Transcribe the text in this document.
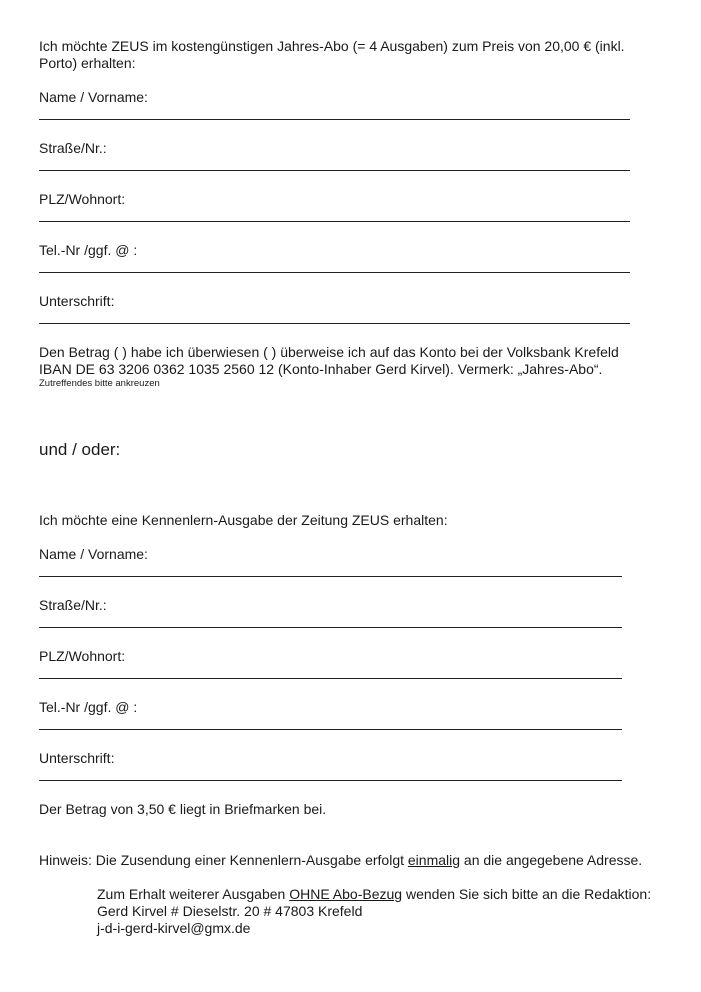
Ich möchte ZEUS im kostengünstigen Jahres-Abo (= 4 Ausgaben) zum Preis von 20,00 € (inkl.
Porto) erhalten:
Name / Vorname:
Straße/Nr.:
PLZ/Wohnort:
Tel.-Nr /ggf. @ :
Unterschrift:
Den Betrag ( ) habe ich überwiesen ( ) überweise ich auf das Konto bei der Volksbank Krefeld
IBAN DE 63 3206 0362 1035 2560 12 (Konto-Inhaber Gerd Kirvel). Vermerk: „Jahres-Abo“.
Zutreffendes bitte ankreuzen
und / oder:
Ich möchte eine Kennenlern-Ausgabe der Zeitung ZEUS erhalten:
Name / Vorname:
Straße/Nr.:
PLZ/Wohnort:
Tel.-Nr /ggf. @ :
Unterschrift:
Der Betrag von 3,50 € liegt in Briefmarken bei.
Hinweis: Die Zusendung einer Kennenlern-Ausgabe erfolgt einmalig an die angegebene Adresse.
Zum Erhalt weiterer Ausgaben OHNE Abo-Bezug wenden Sie sich bitte an die Redaktion:
Gerd Kirvel # Dieselstr. 20 # 47803 Krefeld
j-d-i-gerd-kirvel@gmx.de
